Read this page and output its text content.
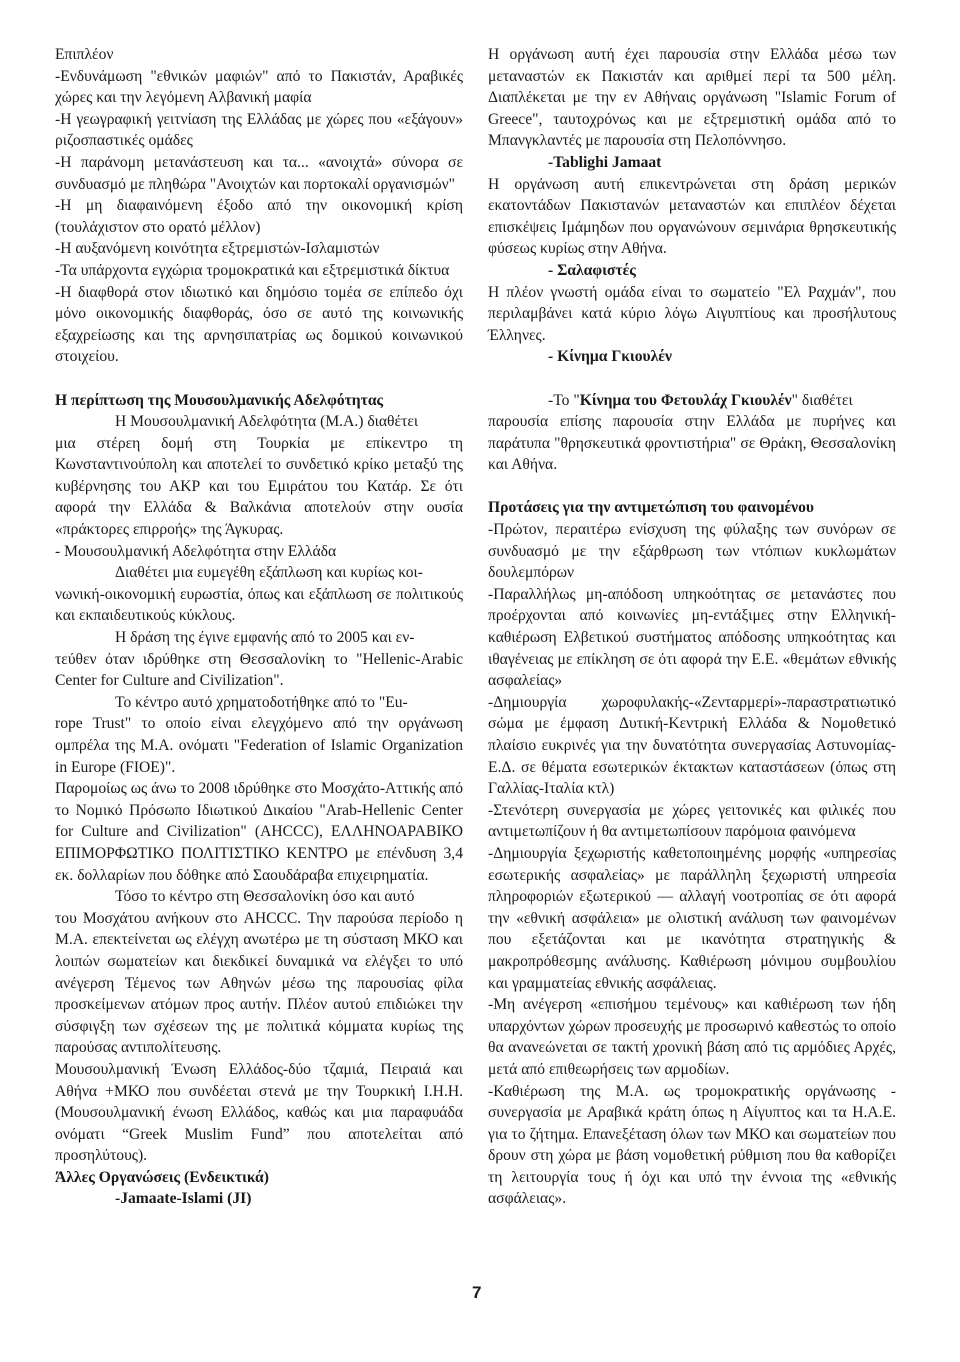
Επιπλέον

-Ενδυνάμωση "εθνικών μαφιών" από το Πακιστάν, Αραβικές χώρες και την λεγόμενη Αλβανική μαφία

-Η γεωγραφική γειτνίαση της Ελλάδας με χώρες που «εξάγουν» ριζοσπαστικές ομάδες

-Η παράνομη μετανάστευση και τα... «ανοιχτά» σύνορα σε συνδυασμό με πληθώρα "Ανοιχτών και πορτοκαλί οργανισμών"

-Η μη διαφαινόμενη έξοδο από την οικονομική κρίση (τουλάχιστον στο ορατό μέλλον)

-Η αυξανόμενη κοινότητα εξτρεμιστών-Ισλαμιστών

-Τα υπάρχοντα εγχώρια τρομοκρατικά και εξτρεμιστικά δίκτυα

-Η διαφθορά στον ιδιωτικό και δημόσιο τομέα σε επίπεδο όχι μόνο οικονομικής διαφθοράς, όσο σε αυτό της κοινωνικής εξαχρείωσης και της αρνησιπατρίας ως δομικού κοινωνικού στοιχείου.

Η περίπτωση της Μουσουλμανικής Αδελφότητας

Η Μουσουλμανική Αδελφότητα (Μ.Α.) διαθέτει

μια στέρεη δομή στη Τουρκία με επίκεντρο τη Κωνσταντινούπολη και αποτελεί το συνδετικό κρίκο μεταξύ της κυβέρνησης του ΑΚΡ και του Εμιράτου του Κατάρ. Σε ότι αφορά την Ελλάδα & Βαλκάνια αποτελούν στην ουσία «πράκτορες επιρροής» της Άγκυρας.

- Μουσουλμανική Αδελφότητα στην Ελλάδα

Διαθέτει μια ευμεγέθη εξάπλωση και κυρίως κοι-

νωνική-οικονομική ευρωστία, όπως και εξάπλωση σε πολιτικούς και εκπαιδευτικούς κύκλους.

Η δράση της έγινε εμφανής από το 2005 και εν-

τεύθεν όταν ιδρύθηκε στη Θεσσαλονίκη το "Hellenic-Arabic Center for Culture and Civilization".

Το κέντρο αυτό χρηματοδοτήθηκε από το "Eu-

rope Trust" το οποίο είναι ελεγχόμενο από την οργάνωση ομπρέλα της Μ.Α. ονόματι "Federation of Islamic Organization in Europe (FIOE)".

Παρομοίως ως άνω το 2008 ιδρύθηκε στο Μοσχάτο-Αττικής από το Νομικό Πρόσωπο Ιδιωτικού Δικαίου "Arab-Hellenic Center for Culture and Civilization" (AHCCC), ΕΛΛΗΝΟΑΡΑΒΙΚΟ ΕΠΙΜΟΡΦΩΤΙΚΟ ΠΟΛΙΤΙΣΤΙΚΟ ΚΕΝΤΡΟ με επένδυση 3,4 εκ. δολλαρίων που δόθηκε από Σαουδάραβα επιχειρηματία.

Τόσο το κέντρο στη Θεσσαλονίκη όσο και αυτό

του Μοσχάτου ανήκουν στο AHCCC. Την παρούσα περίοδο η Μ.Α. επεκτείνεται ως ελέγχη ανωτέρω με τη σύσταση ΜΚΟ και λοιπών σωματείων και διεκδικεί δυναμικά να ελέγξει το υπό ανέγερση Τέμενος των Αθηνών μέσω της παρουσίας φίλα προσκείμενων ατόμων προς αυτήν. Πλέον αυτού επιδιώκει την σύσφιγξη των σχέσεων της με πολιτικά κόμματα κυρίως της παρούσας αντιπολίτευσης.

Μουσουλμανική Ένωση Ελλάδος-δύο τζαμιά, Πειραιά και Αθήνα +ΜΚΟ που συνδέεται στενά με την Τουρκική Ι.Η.Η. (Μουσουλμανική ένωση Ελλάδος, καθώς και μια παραφυάδα ονόματι “Greek Muslim Fund” που αποτελείται από προσηλύτους).

Άλλες Οργανώσεις (Ενδεικτικά)

-Jamaate-Islami (JI)

Η οργάνωση αυτή έχει παρουσία στην Ελλάδα μέσω των μεταναστών εκ Πακιστάν και αριθμεί περί τα 500 μέλη. Διαπλέκεται με την εν Αθήναις οργάνωση "Islamic Forum of Greece", ταυτοχρόνως και με εξτρεμιστική ομάδα από το Μπανγκλαντές με παρουσία στη Πελοπόννησο.

-Tablighi Jamaat

Η οργάνωση αυτή επικεντρώνεται στη δράση μερικών εκατοντάδων Πακιστανών μεταναστών και επιπλέον δέχεται επισκέψεις Ιμάμηδων που οργανώνουν σεμινάρια θρησκευτικής φύσεως κυρίως στην Αθήνα.

- Σαλαφιστές

Η πλέον γνωστή ομάδα είναι το σωματείο "Ελ Ραχμάν", που περιλαμβάνει κατά κύριο λόγω Αιγυπτίους και προσήλυτους Έλληνες.

- Κίνημα Γκιουλέν

-Το "Κίνημα του Φετουλάχ Γκιουλέν" διαθέτει

παρουσία επίσης παρουσία στην Ελλάδα με πυρήνες και παράτυπα "θρησκευτικά φροντιστήρια" σε Θράκη, Θεσσαλονίκη και Αθήνα.

Προτάσεις για την αντιμετώπιση του φαινομένου

-Πρώτον, περαιτέρω ενίσχυση της φύλαξης των συνόρων σε συνδυασμό με την εξάρθρωση των ντόπιων κυκλωμάτων δουλεμπόρων

-Παραλλήλως μη-απόδοση υπηκοότητας σε μετανάστες που προέρχονται από κοινωνίες μη-εντάξιμες στην Ελληνική-καθιέρωση Ελβετικού συστήματος απόδοσης υπηκοότητας και ιθαγένειας με επίκληση σε ότι αφορά την Ε.Ε. «θεμάτων εθνικής ασφαλείας»

-Δημιουργία χωροφυλακής-«Ζενταρμερί»-παραστρατιωτικό σώμα με έμφαση Δυτική-Κεντρική Ελλάδα & Νομοθετικό πλαίσιο ευκρινές για την δυνατότητα συνεργασίας Αστυνομίας-Ε.Δ. σε θέματα εσωτερικών έκτακτων καταστάσεων (όπως στη Γαλλίας-Ιταλία κτλ)

-Στενότερη συνεργασία με χώρες γειτονικές και φιλικές που αντιμετωπίζουν ή θα αντιμετωπίσουν παρόμοια φαινόμενα

-Δημιουργία ξεχωριστής καθετοποιημένης μορφής «υπηρεσίας εσωτερικής ασφαλείας» με παράλληλη ξεχωριστή υπηρεσία πληροφοριών εξωτερικού — αλλαγή νοοτροπίας σε ότι αφορά την «εθνική ασφάλεια» με ολιστική ανάλυση των φαινομένων που εξετάζονται και με ικανότητα στρατηγικής & μακροπρόθεσμης ανάλυσης. Καθιέρωση μόνιμου συμβουλίου και γραμματείας εθνικής ασφάλειας.

-Μη ανέγερση «επισήμου τεμένους» και καθιέρωση των ήδη υπαρχόντων χώρων προσευχής με προσωρινό καθεστώς το οποίο θα ανανεώνεται σε τακτή χρονική βάση από τις αρμόδιες Αρχές, μετά από επιθεωρήσεις των αρμοδίων.

-Καθιέρωση της Μ.Α. ως τρομοκρατικής οργάνωσης - συνεργασία με Αραβικά κράτη όπως η Αίγυπτος και τα Η.Α.Ε. για το ζήτημα. Επανεξέταση όλων των ΜΚΟ και σωματείων που δρουν στη χώρα με βάση νομοθετική ρύθμιση που θα καθορίζει τη λειτουργία τους ή όχι και υπό την έννοια της «εθνικής ασφάλειας».

7
